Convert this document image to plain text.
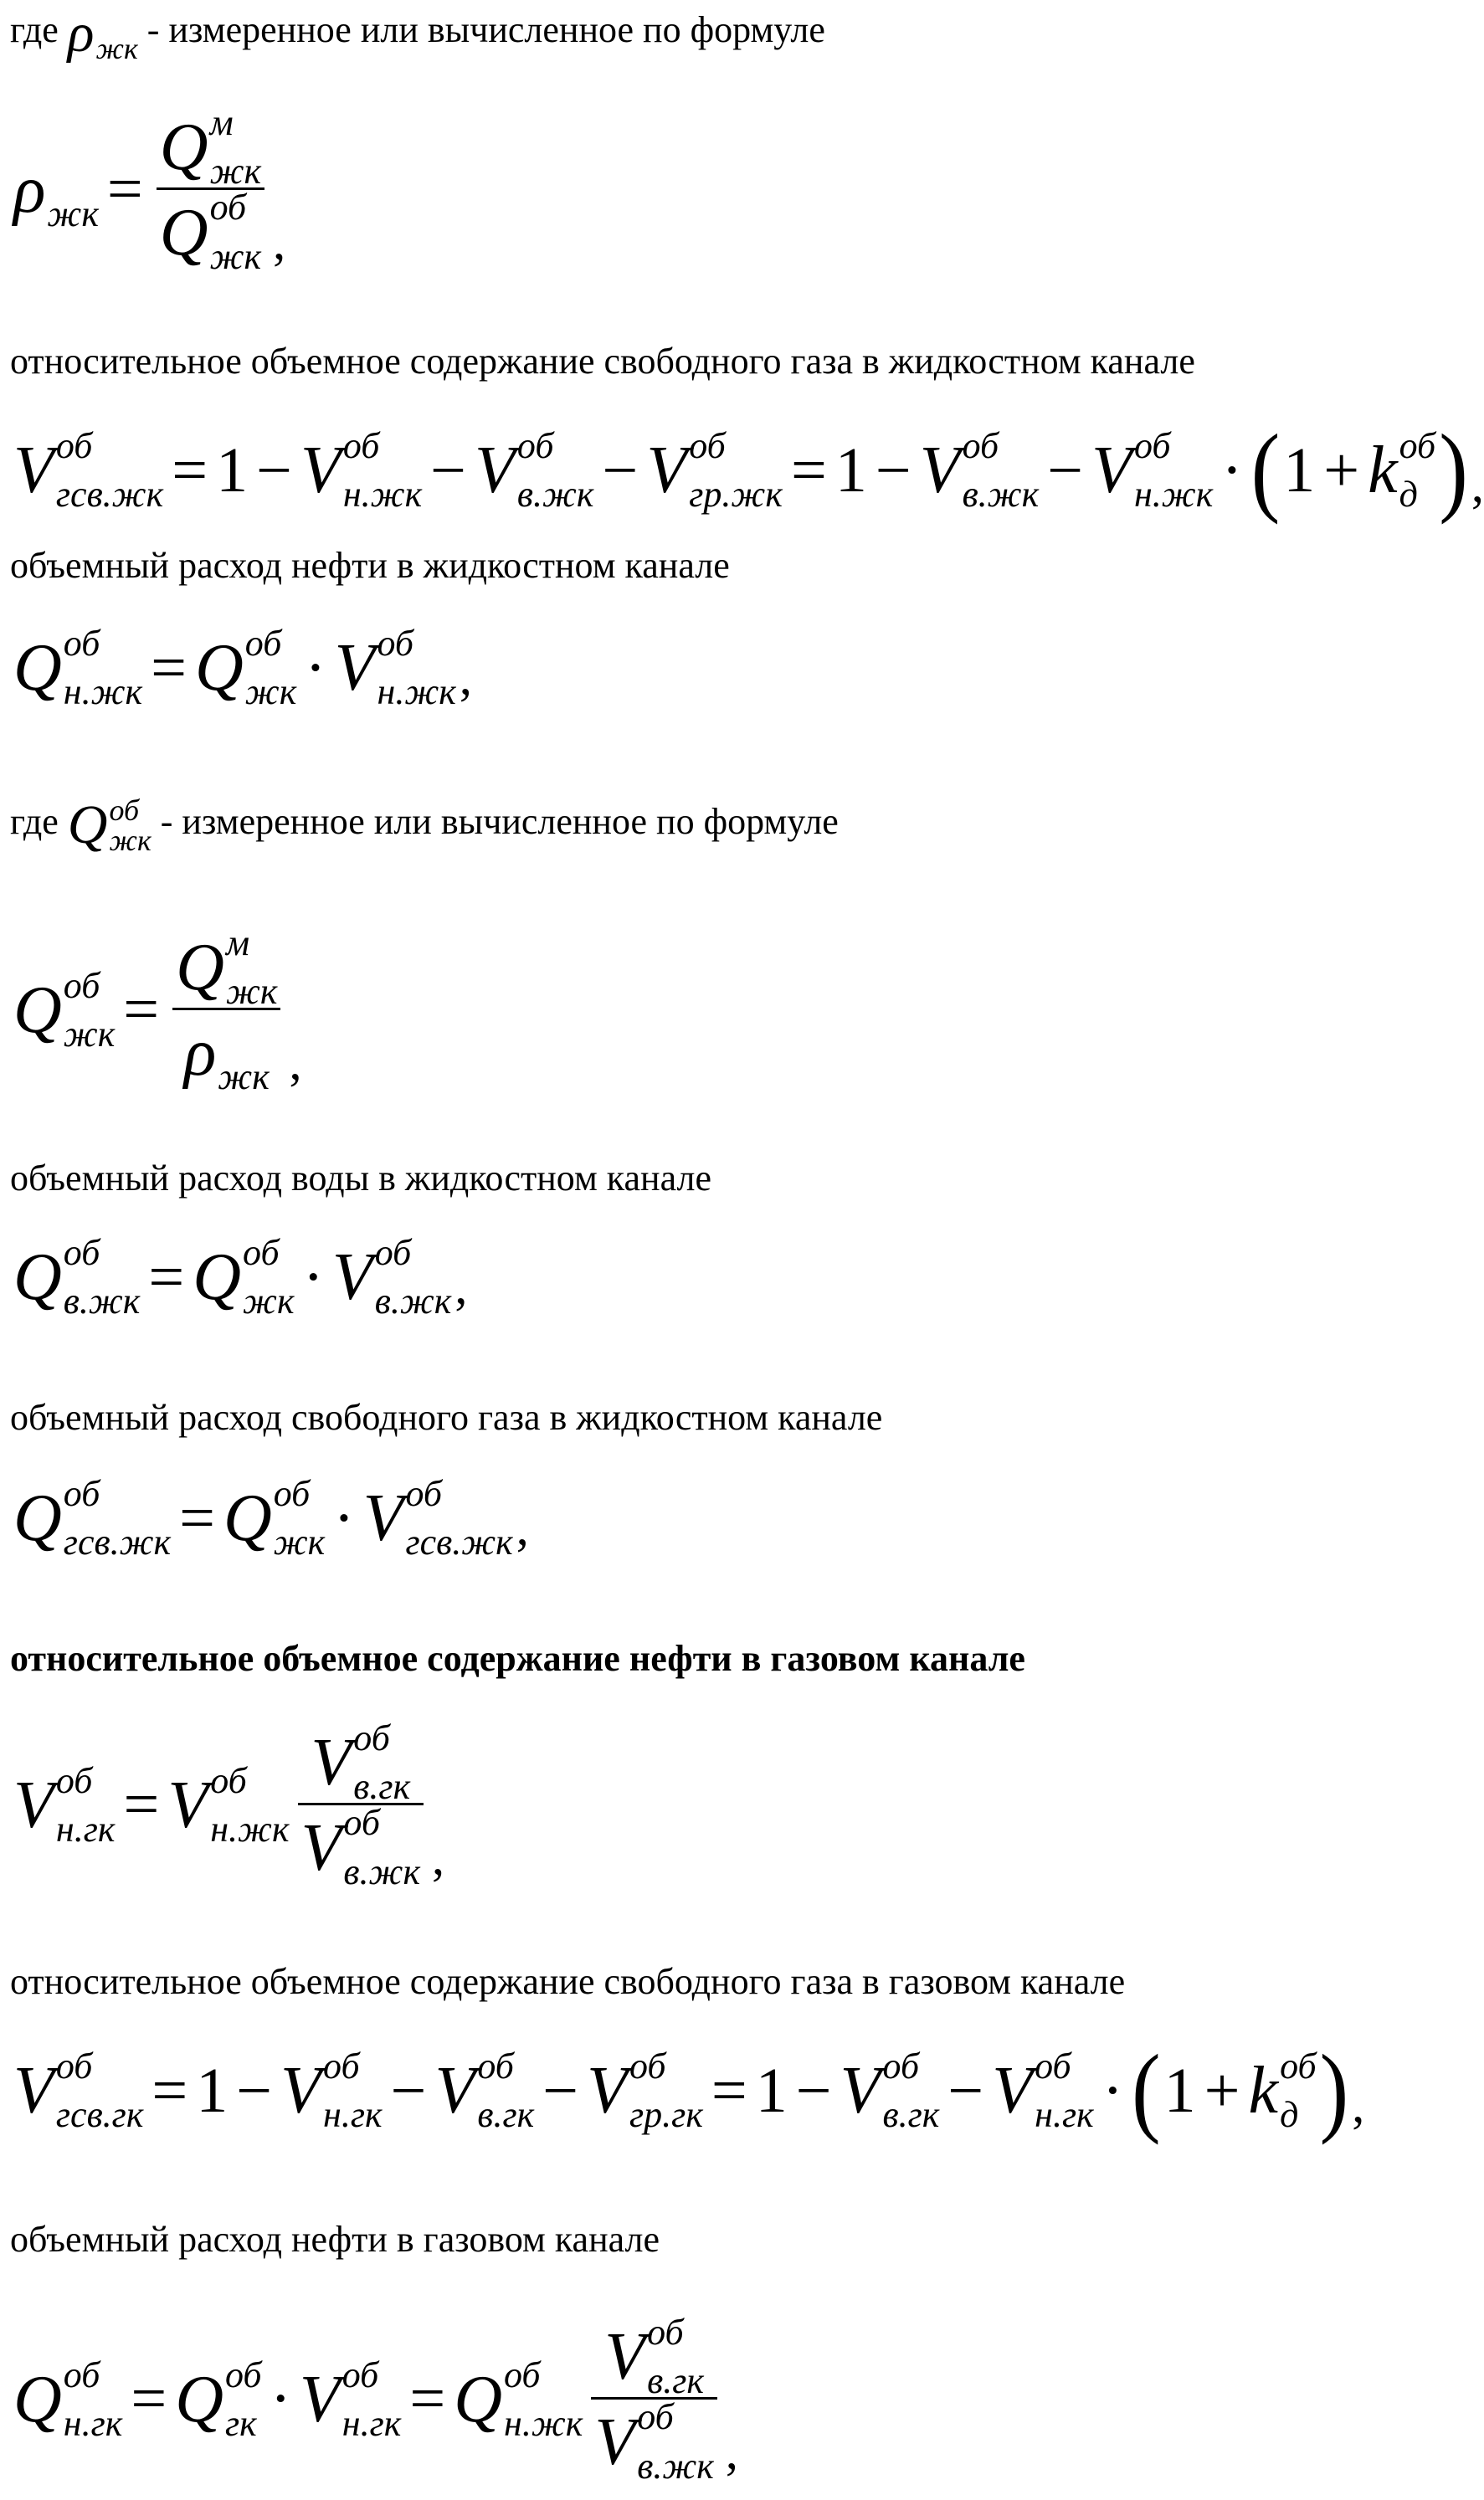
где ρ
жк - измеренное или вычисленное по формуле
ρ
жк = Q м
жк
Q об
жк ,
относительное объемное содержание свободного газа в жидкостном канале
V об
гсв.жк = 1 − V об
н.жк − V об
в.жк − V об
гр.жк = 1 − V об
в.жк − V об
н.жк · ( 1 + k об
д ) ,
объемный расход нефти в жидкостном канале
Q об
н.жк = Q об
жк · V об
н.жк ,
где Q об
жк - измеренное или вычисленное по формуле
Q об
жк = Q м
жк
ρ
жк ,
объемный расход воды в жидкостном канале
Q об
в.жк = Q об
жк · V об
в.жк ,
объемный расход свободного газа в жидкостном канале
Q об
гсв.жк = Q об
жк · V об
гсв.жк ,
относительное объемное содержание нефти в газовом канале
V об
н.гк = V об
н.жк
V об
в.гк
V об
в.жк ,
относительное объемное содержание свободного газа в газовом канале
V об
гсв.гк = 1 − V об
н.гк − V об
в.гк − V об
гр.гк = 1 − V об
в.гк − V об
н.гк · ( 1 + k об
д ) ,
объемный расход нефти в газовом канале
Q об
н.гк = Q об
гк · V об
н.гк = Q об
н.жк
V об
в.гк
V об
в.жк ,
